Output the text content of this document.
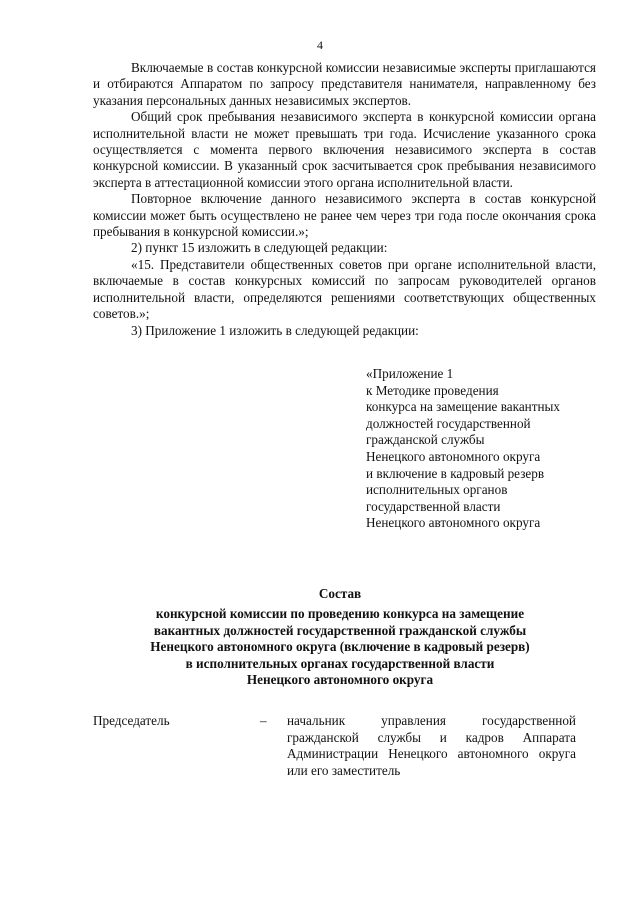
4

Включаемые в состав конкурсной комиссии независимые эксперты приглашаются и отбираются Аппаратом по запросу представителя нанимателя, направленному без указания персональных данных независимых экспертов.

Общий срок пребывания независимого эксперта в конкурсной комиссии органа исполнительной власти не может превышать три года. Исчисление указанного срока осуществляется с момента первого включения независимого эксперта в состав конкурсной комиссии. В указанный срок засчитывается срок пребывания независимого эксперта в аттестационной комиссии этого органа исполнительной власти.

Повторное включение данного независимого эксперта в состав конкурсной комиссии может быть осуществлено не ранее чем через три года после окончания срока пребывания в конкурсной комиссии.»;

2) пункт 15 изложить в следующей редакции:

«15. Представители общественных советов при органе исполнительной власти, включаемые в состав конкурсных комиссий по запросам руководителей органов исполнительной власти, определяются решениями соответствующих общественных советов.»;

3) Приложение 1 изложить в следующей редакции:

«Приложение 1
к Методике проведения
конкурса на замещение вакантных
должностей государственной
гражданской службы
Ненецкого автономного округа
и включение в кадровый резерв
исполнительных органов
государственной власти
Ненецкого автономного округа
Состав
конкурсной комиссии по проведению конкурса на замещение
вакантных должностей государственной гражданской службы
Ненецкого автономного округа (включение в кадровый резерв)
в исполнительных органах государственной власти
Ненецкого автономного округа
Председатель	– начальник управления государственной гражданской службы и кадров Аппарата Администрации Ненецкого автономного округа или его заместитель
